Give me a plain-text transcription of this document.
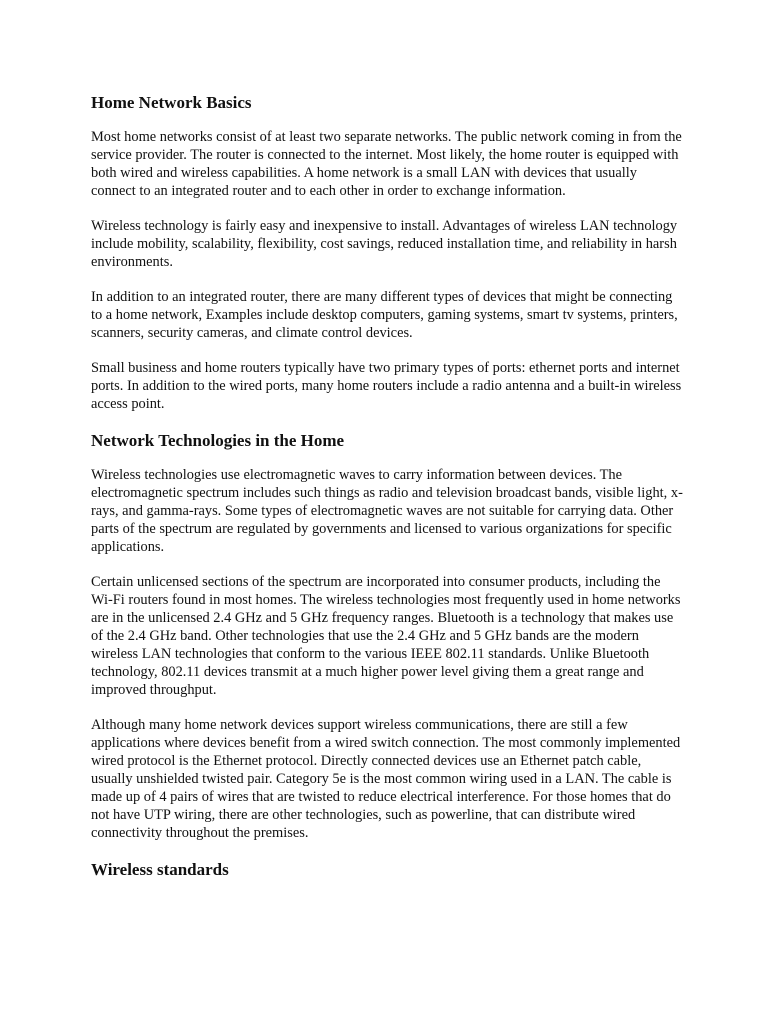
Home Network Basics

Most home networks consist of at least two separate networks. The public network coming in from the service provider. The router is connected to the internet. Most likely, the home router is equipped with both wired and wireless capabilities. A home network is a small LAN with devices that usually connect to an integrated router and to each other in order to exchange information.

Wireless technology is fairly easy and inexpensive to install. Advantages of wireless LAN technology include mobility, scalability, flexibility, cost savings, reduced installation time, and reliability in harsh environments.

In addition to an integrated router, there are many different types of devices that might be connecting to a home network, Examples include desktop computers, gaming systems, smart tv systems, printers, scanners, security cameras, and climate control devices.

Small business and home routers typically have two primary types of ports: ethernet ports and internet ports. In addition to the wired ports, many home routers include a radio antenna and a built-in wireless access point.

Network Technologies in the Home

Wireless technologies use electromagnetic waves to carry information between devices. The electromagnetic spectrum includes such things as radio and television broadcast bands, visible light, x-rays, and gamma-rays. Some types of electromagnetic waves are not suitable for carrying data. Other parts of the spectrum are regulated by governments and licensed to various organizations for specific applications.

Certain unlicensed sections of the spectrum are incorporated into consumer products, including the Wi-Fi routers found in most homes. The wireless technologies most frequently used in home networks are in the unlicensed 2.4 GHz and 5 GHz frequency ranges. Bluetooth is a technology that makes use of the 2.4 GHz band. Other technologies that use the 2.4 GHz and 5 GHz bands are the modern wireless LAN technologies that conform to the various IEEE 802.11 standards. Unlike Bluetooth technology, 802.11 devices transmit at a much higher power level giving them a great range and improved throughput.

Although many home network devices support wireless communications, there are still a few applications where devices benefit from a wired switch connection. The most commonly implemented wired protocol is the Ethernet protocol. Directly connected devices use an Ethernet patch cable, usually unshielded twisted pair. Category 5e is the most common wiring used in a LAN. The cable is made up of 4 pairs of wires that are twisted to reduce electrical interference. For those homes that do not have UTP wiring, there are other technologies, such as powerline, that can distribute wired connectivity throughout the premises.

Wireless standards
